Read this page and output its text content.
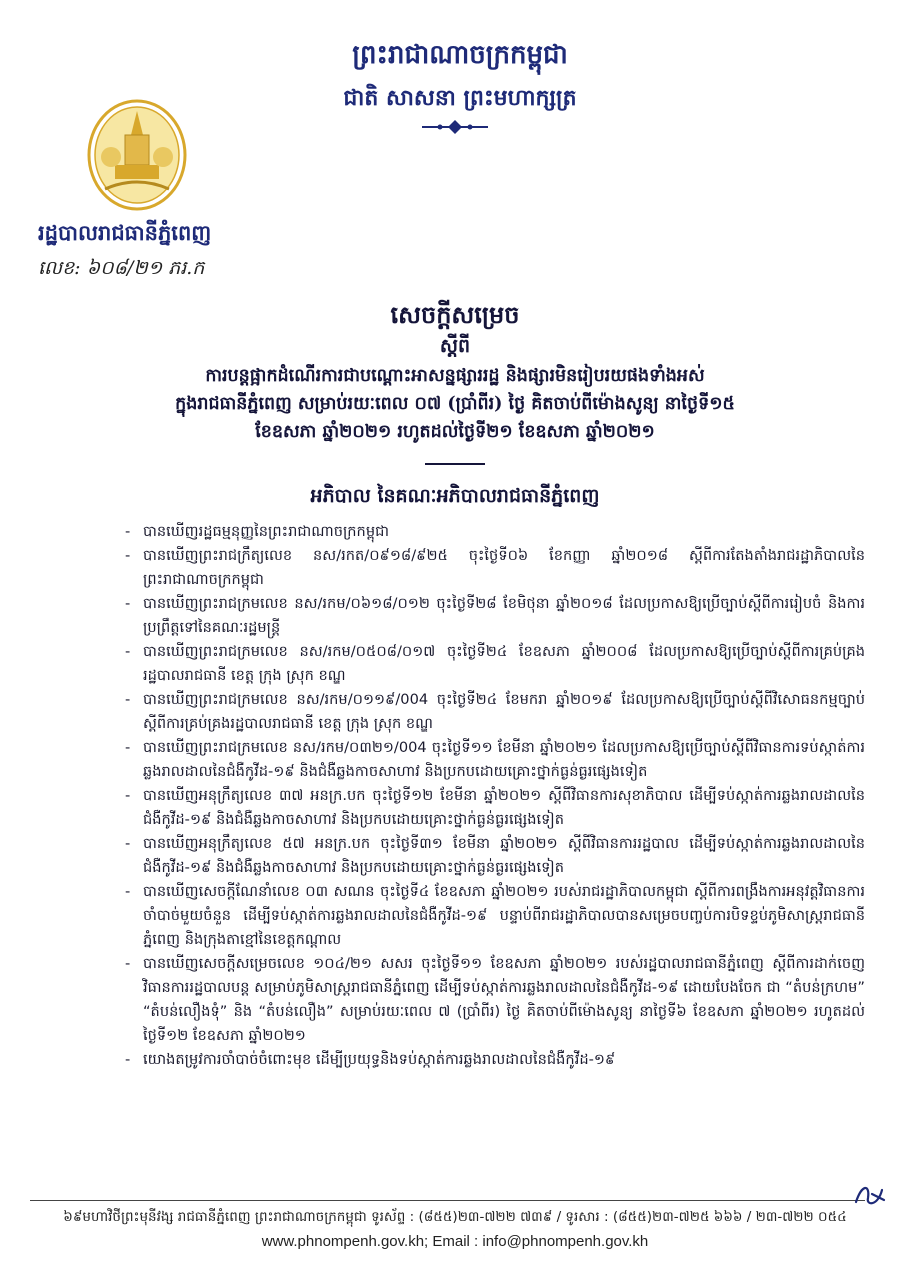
ព្រះរាជាណាចក្រកម្ពុជា
ជាតិ សាសនា ព្រះមហាក្សត្រ
រដ្ឋបាលរាជធានីភ្នំពេញ
លេខ: ៦០៨/២១ ភរ.ក
សេចក្តីសម្រេច
ស្តីពី
ការបន្តផ្អាកដំណើរការជាបណ្តោះអាសន្នផ្សាររដ្ឋ និងផ្សារមិនរៀបរយផងទាំងអស់
ក្នុងរាជធានីភ្នំពេញ សម្រាប់រយៈពេល ០៧ (ប្រាំពីរ) ថ្ងៃ គិតចាប់ពីម៉ោងសូន្យ នាថ្ងៃទី១៥
ខែឧសភា ឆ្នាំ២០២១ រហូតដល់ថ្ងៃទី២១ ខែឧសភា ឆ្នាំ២០២១
អភិបាល នៃគណៈអភិបាលរាជធានីភ្នំពេញ
- បានឃើញរដ្ឋធម្មនុញ្ញនៃព្រះរាជាណាចក្រកម្ពុជា
- បានឃើញព្រះរាជក្រឹត្យលេខ នស/រកត/០៩១៨/៩២៥ ចុះថ្ងៃទី០៦ ខែកញ្ញា ឆ្នាំ២០១៨ ស្តីពីការតែងតាំងរាជរដ្ឋាភិបាលនៃព្រះរាជាណាចក្រកម្ពុជា
- បានឃើញព្រះរាជក្រមលេខ នស/រកម/០៦១៨/០១២ ចុះថ្ងៃទី២៨ ខែមិថុនា ឆ្នាំ២០១៨ ដែលប្រកាសឱ្យប្រើច្បាប់ស្តីពីការរៀបចំ និងការប្រព្រឹត្តទៅនៃគណៈរដ្ឋមន្ត្រី
- បានឃើញព្រះរាជក្រមលេខ នស/រកម/០៥០៨/០១៧ ចុះថ្ងៃទី២៤ ខែឧសភា ឆ្នាំ២០០៨ ដែលប្រកាសឱ្យប្រើច្បាប់ស្តីពីការគ្រប់គ្រងរដ្ឋបាលរាជធានី ខេត្ត ក្រុង ស្រុក ខណ្ឌ
- បានឃើញព្រះរាជក្រមលេខ នស/រកម/០១១៩/004 ចុះថ្ងៃទី២៤ ខែមករា ឆ្នាំ២០១៩ ដែលប្រកាសឱ្យប្រើច្បាប់ស្តីពីវិសោធនកម្មច្បាប់ស្តីពីការគ្រប់គ្រងរដ្ឋបាលរាជធានី ខេត្ត ក្រុង ស្រុក ខណ្ឌ
- បានឃើញព្រះរាជក្រមលេខ នស/រកម/០៣២១/004 ចុះថ្ងៃទី១១ ខែមីនា ឆ្នាំ២០២១ ដែលប្រកាសឱ្យប្រើច្បាប់ស្តីពីវិធានការទប់ស្កាត់ការឆ្លងរាលដាលនៃជំងឺកូវីដ-១៩ និងជំងឺឆ្លងកាចសាហាវ និងប្រកបដោយគ្រោះថ្នាក់ធ្ងន់ធ្ងរផ្សេងទៀត
- បានឃើញអនុក្រឹត្យលេខ ៣៧ អនក្រ.បក ចុះថ្ងៃទី១២ ខែមីនា ឆ្នាំ២០២១ ស្តីពីវិធានការសុខាភិបាល ដើម្បីទប់ស្កាត់ការឆ្លងរាលដាលនៃជំងឺកូវីដ-១៩ និងជំងឺឆ្លងកាចសាហាវ និងប្រកបដោយគ្រោះថ្នាក់ធ្ងន់ធ្ងរផ្សេងទៀត
- បានឃើញអនុក្រឹត្យលេខ ៥៧ អនក្រ.បក ចុះថ្ងៃទី៣១ ខែមីនា ឆ្នាំ២០២១ ស្តីពីវិធានការរដ្ឋបាល ដើម្បីទប់ស្កាត់ការឆ្លងរាលដាលនៃជំងឺកូវីដ-១៩ និងជំងឺឆ្លងកាចសាហាវ និងប្រកបដោយគ្រោះថ្នាក់ធ្ងន់ធ្ងរផ្សេងទៀត
- បានឃើញសេចក្តីណែនាំលេខ ០៣ សណន ចុះថ្ងៃទី៤ ខែឧសភា ឆ្នាំ២០២១ របស់រាជរដ្ឋាភិបាលកម្ពុជា ស្តីពីការពង្រឹងការអនុវត្តវិធានការចាំបាច់មួយចំនួន ដើម្បីទប់ស្កាត់ការឆ្លងរាលដាលនៃជំងឺកូវីដ-១៩ បន្ទាប់ពីរាជរដ្ឋាភិបាលបានសម្រេចបញ្ចប់ការបិទខ្ទប់ភូមិសាស្ត្ររាជធានីភ្នំពេញ និងក្រុងតាខ្មៅនៃខេត្តកណ្តាល
- បានឃើញសេចក្តីសម្រេចលេខ ១០៤/២១ សសរ ចុះថ្ងៃទី១១ ខែឧសភា ឆ្នាំ២០២១ របស់រដ្ឋបាលរាជធានីភ្នំពេញ ស្តីពីការដាក់ចេញវិធានការរដ្ឋបាលបន្ត សម្រាប់ភូមិសាស្ត្ររាជធានីភ្នំពេញ ដើម្បីទប់ស្កាត់ការឆ្លងរាលដាលនៃជំងឺកូវីដ-១៩ ដោយបែងចែក ជា “តំបន់ក្រហម” “តំបន់លឿងទុំ” និង “តំបន់លឿង” សម្រាប់រយៈពេល ៧ (ប្រាំពីរ) ថ្ងៃ គិតចាប់ពីម៉ោងសូន្យ នាថ្ងៃទី៦ ខែឧសភា ឆ្នាំ២០២១ រហូតដល់ថ្ងៃទី១២ ខែឧសភា ឆ្នាំ២០២១
- យោងតម្រូវការចាំបាច់ចំពោះមុខ ដើម្បីប្រយុទ្ធនិងទប់ស្កាត់ការឆ្លងរាលដាលនៃជំងឺកូវីដ-១៩
៦៩មហាវិថីព្រះមុនីវង្ស រាជធានីភ្នំពេញ ព្រះរាជាណាចក្រកម្ពុជា ទូរស័ព្ទ : (៨៥៥)២៣-៧២២ ៧៣៩ / ទូរសារ : (៨៥៥)២៣-៧២៥ ៦៦៦ / ២៣-៧២២ ០៥៤
www.phnompenh.gov.kh; Email : info@phnompenh.gov.kh
